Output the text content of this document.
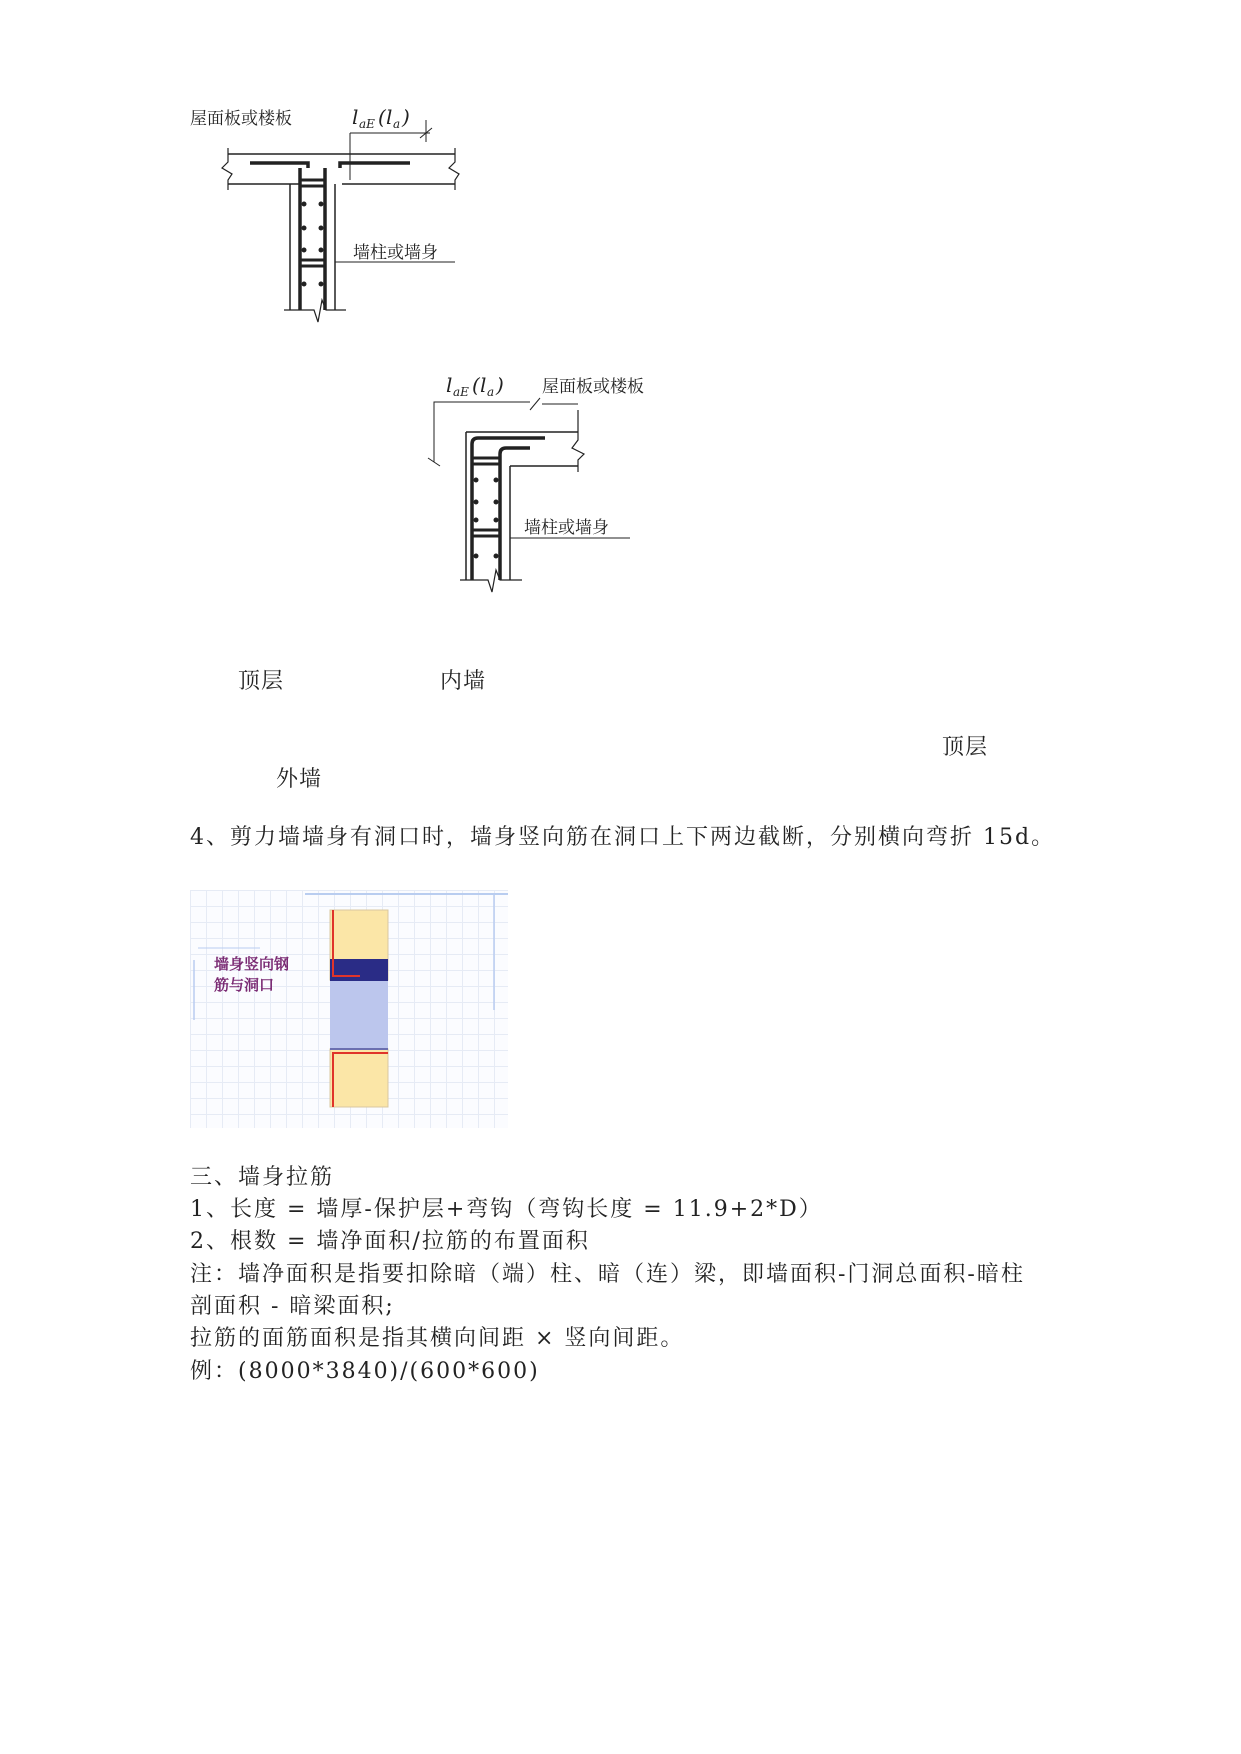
屋面板或楼板	l aE ( l a )
墙柱或墙身
l aE ( l a ) 屋面板或楼板
墙柱或墙身
顶层	内墙
顶层
外墙
4、剪力墙墙身有洞口时，墙身竖向筋在洞口上下两边截断，分别横向弯折 15d。
墙身竖向钢
筋与洞口
三、墙身拉筋
1、长度 = 墙厚-保护层+弯钩（弯钩长度 = 11.9+2*D）
2、根数 = 墙净面积/拉筋的布置面积
注：墙净面积是指要扣除暗（端）柱、暗（连）梁，即墙面积-门洞总面积-暗柱
剖面积 - 暗梁面积;
拉筋的面筋面积是指其横向间距 × 竖向间距。
例：(8000*3840)/(600*600)
